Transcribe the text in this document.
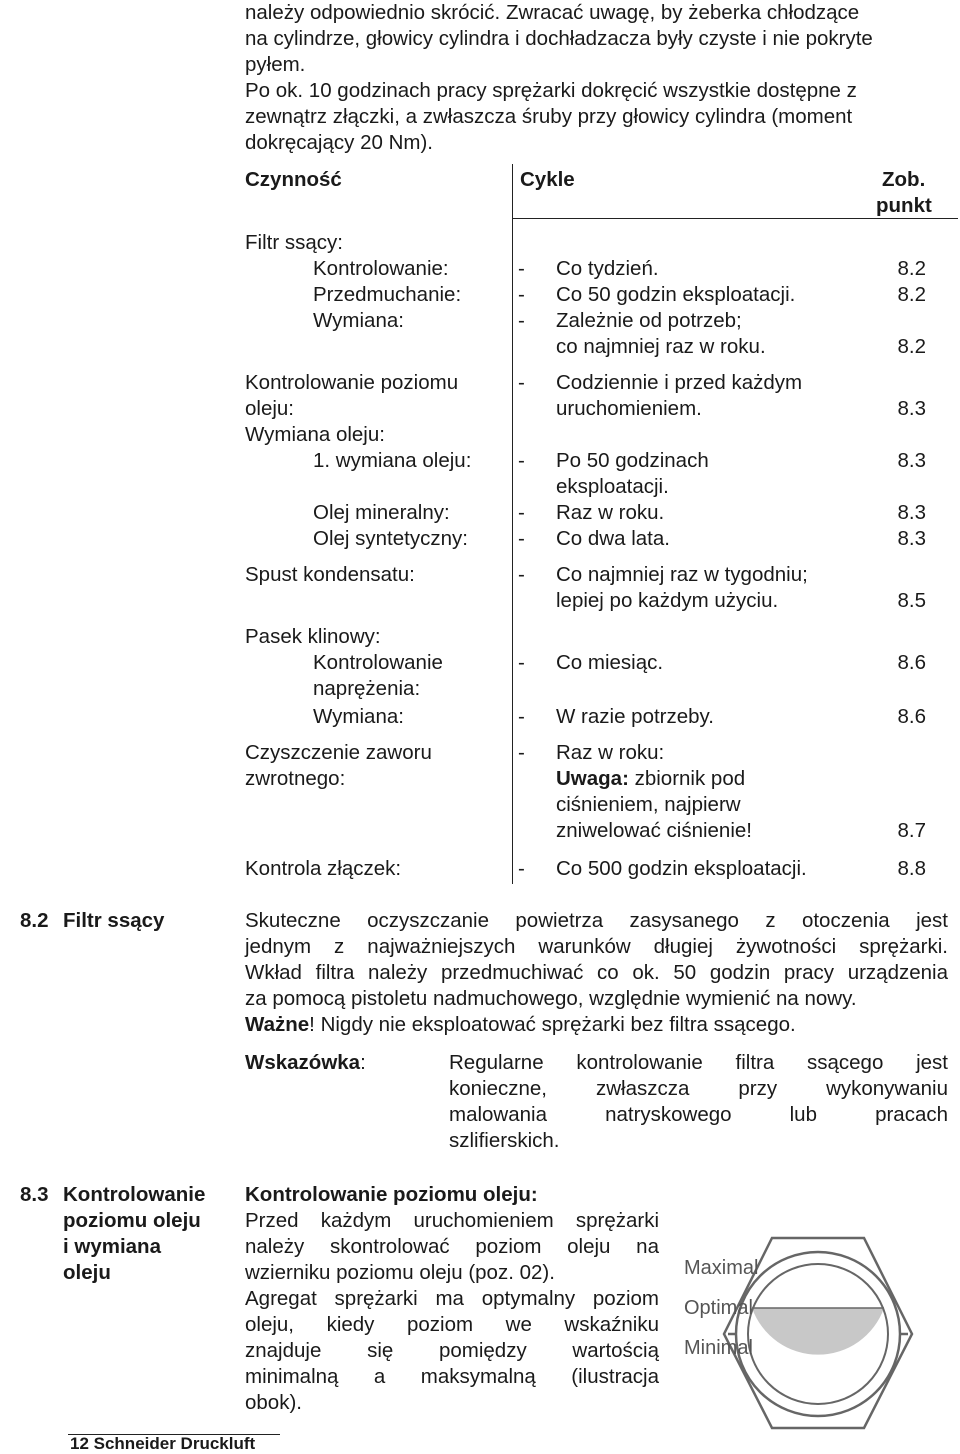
należy odpowiednio skrócić. Zwracać uwagę, by żeberka chłodzące
na cylindrze, głowicy cylindra i dochładzacza były czyste i nie pokryte
pyłem.
Po ok. 10 godzinach pracy sprężarki dokręcić wszystkie dostępne z
zewnątrz złączki, a zwłaszcza śruby przy głowicy cylindra (moment
dokręcający 20 Nm).
Czynność	Cykle	Zob.
punkt
Filtr ssący:
Kontrolowanie:	- Co tydzień.	8.2
Przedmuchanie:	- Co 50 godzin eksploatacji.	8.2
Wymiana:	- Zależnie od potrzeb;
co najmniej raz w roku.	8.2
Kontrolowanie poziomu
oleju:
- Codziennie i przed każdym
uruchomieniem.	8.3
Wymiana oleju:
1. wymiana oleju: - Po 50 godzinach
eksploatacji.
8.3
Olej mineralny:	- Raz w roku.	8.3
Olej syntetyczny: - Co dwa lata.	8.3
Spust kondensatu:	- Co najmniej raz w tygodniu;
lepiej po każdym użyciu.	8.5
Pasek klinowy:
Kontrolowanie
naprężenia:
- Co miesiąc.	8.6
Wymiana:	- W razie potrzeby.	8.6
Czyszczenie zaworu
zwrotnego:
- Raz w roku:
Uwaga: zbiornik pod
ciśnieniem, najpierw
zniwelować ciśnienie!	8.7
Kontrola złączek:	- Co 500 godzin eksploatacji.	8.8
8.2 Filtr ssący	Skuteczne oczyszczanie powietrza zasysanego z otoczenia jest
jednym z najważniejszych warunków długiej żywotności sprężarki.
Wkład filtra należy przedmuchiwać co ok. 50 godzin pracy urządzenia
za pomocą pistoletu nadmuchowego, względnie wymienić na nowy.
Ważne! Nigdy nie eksploatować sprężarki bez filtra ssącego.
Wskazówka:	Regularne kontrolowanie filtra ssącego jest
konieczne, zwłaszcza przy wykonywaniu
malowania natryskowego lub pracach
szlifierskich.
8.3 Kontrolowanie
poziomu oleju
i wymiana
oleju
Kontrolowanie poziomu oleju:
Przed każdym uruchomieniem sprężarki
należy skontrolować poziom oleju na
wzierniku poziomu oleju (poz. 02).
Agregat sprężarki ma optymalny poziom
oleju, kiedy poziom we wskaźniku
znajduje się pomiędzy wartością
minimalną a maksymalną (ilustracja
obok).
Maximal
Optimal
Minimal
12 Schneider Druckluft
